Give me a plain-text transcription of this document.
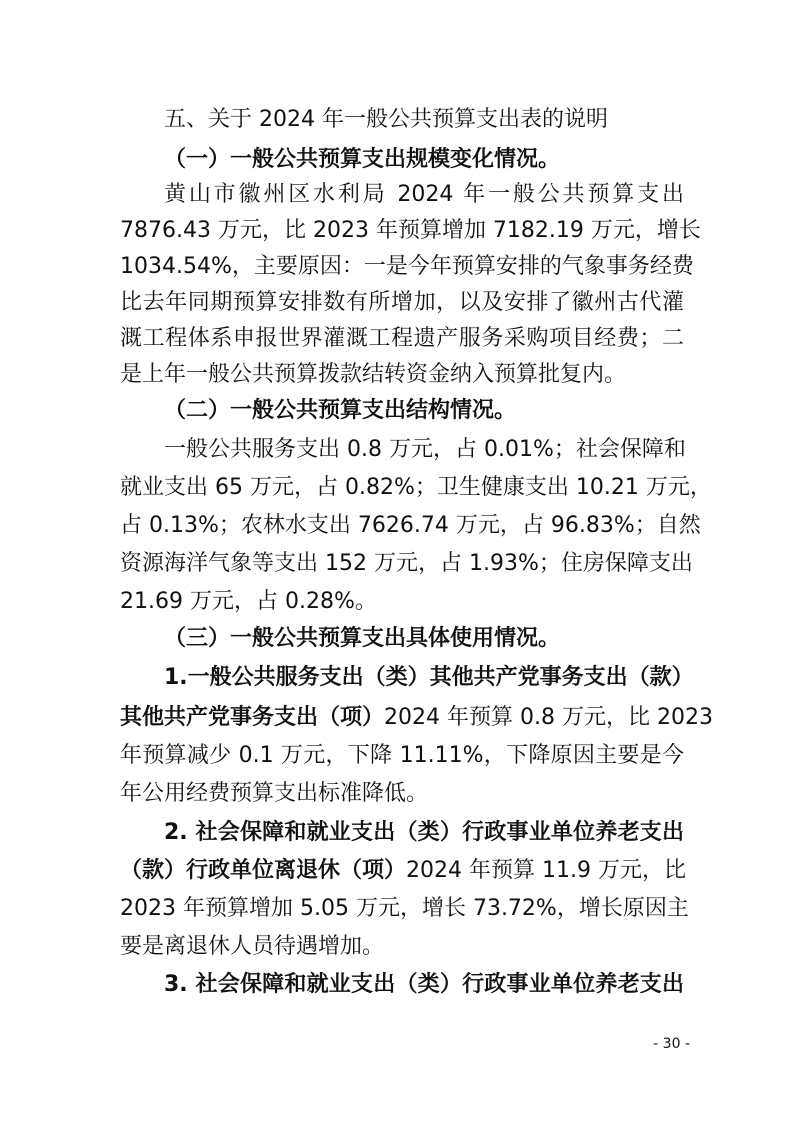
五、关于 2024 年一般公共预算支出表的说明
（一）一般公共预算支出规模变化情况。
黄山市徽州区水利局 2024 年一般公共预算支出
7876.43 万元，比 2023 年预算增加 7182.19 万元，增长
1034.54%，主要原因：一是今年预算安排的气象事务经费
比去年同期预算安排数有所增加，以及安排了徽州古代灌
溉工程体系申报世界灌溉工程遗产服务采购项目经费；二
是上年一般公共预算拨款结转资金纳入预算批复内。
（二）一般公共预算支出结构情况。
一般公共服务支出 0.8 万元，占 0.01%；社会保障和
就业支出 65 万元，占 0.82%；卫生健康支出 10.21 万元，
占 0.13%；农林水支出 7626.74 万元，占 96.83%；自然
资源海洋气象等支出 152 万元，占 1.93%；住房保障支出
21.69 万元，占 0.28%。
（三）一般公共预算支出具体使用情况。
1.一般公共服务支出（类）其他共产党事务支出（款）
其他共产党事务支出（项）2024 年预算 0.8 万元，比 2023
年预算减少 0.1 万元，下降 11.11%，下降原因主要是今
年公用经费预算支出标准降低。
2. 社会保障和就业支出（类）行政事业单位养老支出
（款）行政单位离退休（项）2024 年预算 11.9 万元，比
2023 年预算增加 5.05 万元，增长 73.72%，增长原因主
要是离退休人员待遇增加。
3. 社会保障和就业支出（类）行政事业单位养老支出
- 30 -
